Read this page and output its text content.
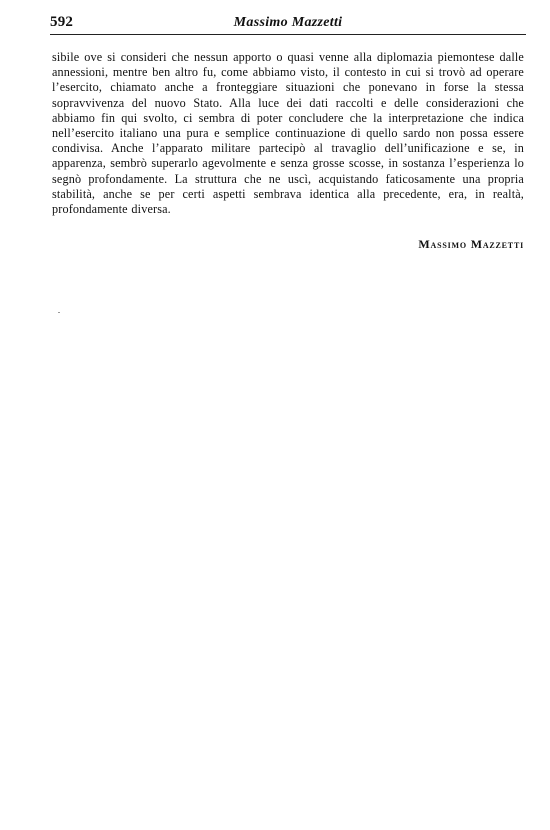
592	Massimo Mazzetti

sibile ove si consideri che nessun apporto o quasi venne alla diplomazia piemontese dalle annessioni, mentre ben altro fu, come abbiamo visto, il contesto in cui si trovò ad operare l’esercito, chiamato anche a fronteggiare situazioni che ponevano in forse la stessa sopravvivenza del nuovo Stato. Alla luce dei dati raccolti e delle considerazioni che abbiamo fin qui svolto, ci sembra di poter concludere che la interpretazione che indica nell’esercito italiano una pura e semplice continuazione di quello sardo non possa essere condivisa. Anche l’apparato militare partecipò al travaglio dell’unificazione e se, in apparenza, sembrò superarlo agevolmente e senza grosse scosse, in sostanza l’esperienza lo segnò profondamente. La struttura che ne uscì, acquistando faticosamente una propria stabilità, anche se per certi aspetti sembrava identica alla precedente, era, in realtà, profondamente diversa.

Massimo Mazzetti
